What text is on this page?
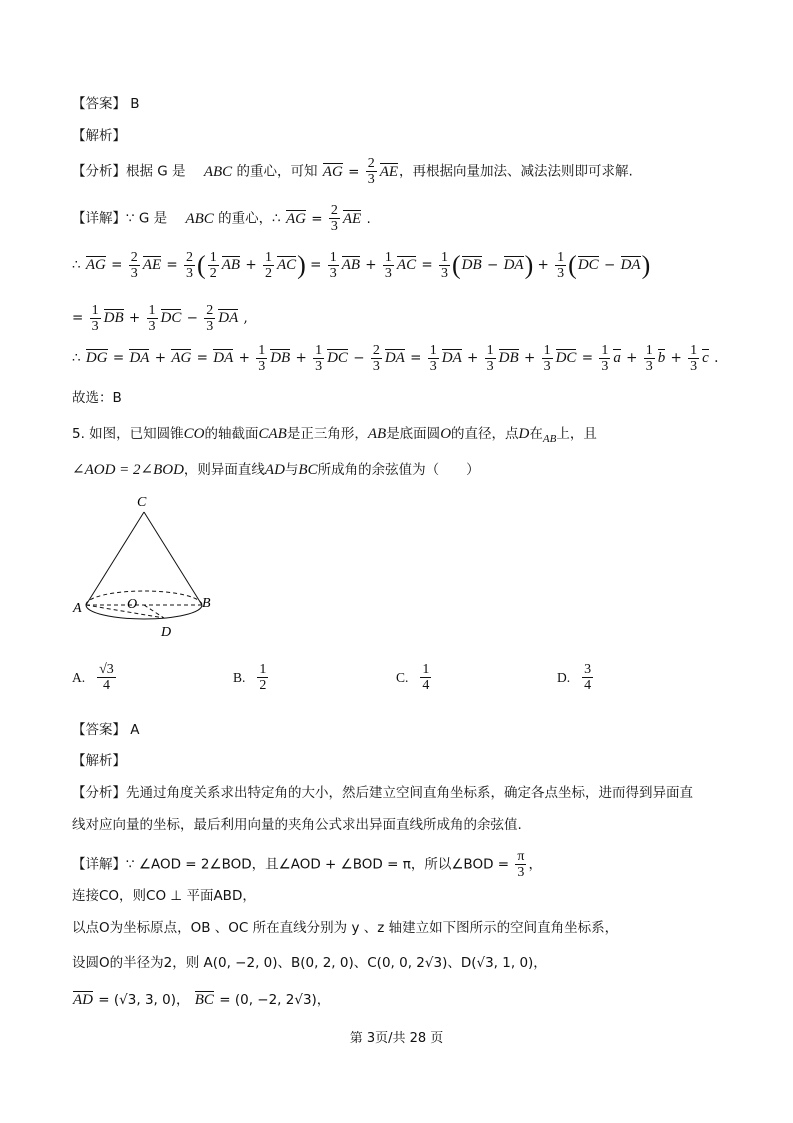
【答案】 B
【解析】
【分析】根据 G 是 ABC 的重心，可知 AG = $\frac{2}{3}$ AE，再根据向量加法、减法法则即可求解.
【详解】∵ G 是 ABC 的重心，∴ AG = $\frac{2}{3}$ AE .
∴ AG = $\frac{2}{3}$ AE = $\frac{2}{3}$ ( $\frac{1}{2}$ AB + $\frac{1}{2} AC) = \frac{1}{3}$ AB + $\frac{1}{3}$ AC = $\frac{1}{3} (DB - DA) + \frac{1}{3} (DC - DA)$
= $\frac{1}{3}$ DB + $\frac{1}{3}$ DC − $\frac{2}{3}$ DA ,
∴ DG = DA + AG = DA + $\frac{1}{3}$ DB + $\frac{1}{3}$ DC − $\frac{2}{3}$ DA = $\frac{1}{3}$ DA + $\frac{1}{3}$ DB + $\frac{1}{3}$ DC = $\frac{1}{3}$ $a + \frac{1}{3}$ $b + \frac{1}{3}$ c .
故选：B
5. 如图，已知圆锥CO的轴截面CAB是正三角形，AB是底面圆O的直径，点D在$_{AB}$上，且
∠AOD = 2∠BOD，则异面直线AD与BC所成角的余弦值为（　　）
C
A	O	B
D
A. $\frac{√3}{4}$	B. $\frac{1}{2}$	C. $\frac{1}{4}$	D. $\frac{3}{4}$
【答案】 A
【解析】
【分析】先通过角度关系求出特定角的大小，然后建立空间直角坐标系，确定各点坐标，进而得到异面直
线对应向量的坐标，最后利用向量的夹角公式求出异面直线所成角的余弦值.
【详解】∵ ∠AOD = 2∠BOD，且∠AOD + ∠BOD = π，所以∠BOD = $\frac{\pi}{3}$ ，
连接CO，则CO ⊥ 平面ABD，
以点O为坐标原点，OB 、OC 所在直线分别为 y 、z 轴建立如下图所示的空间直角坐标系，
设圆O的半径为2，则 A(0, −2, 0)、B(0, 2, 0)、C(0, 0, 2√3)、D(√3, 1, 0)，
AD = (√3, 3, 0)， BC = (0, −2, 2√3)，
第 3页/共 28 页
